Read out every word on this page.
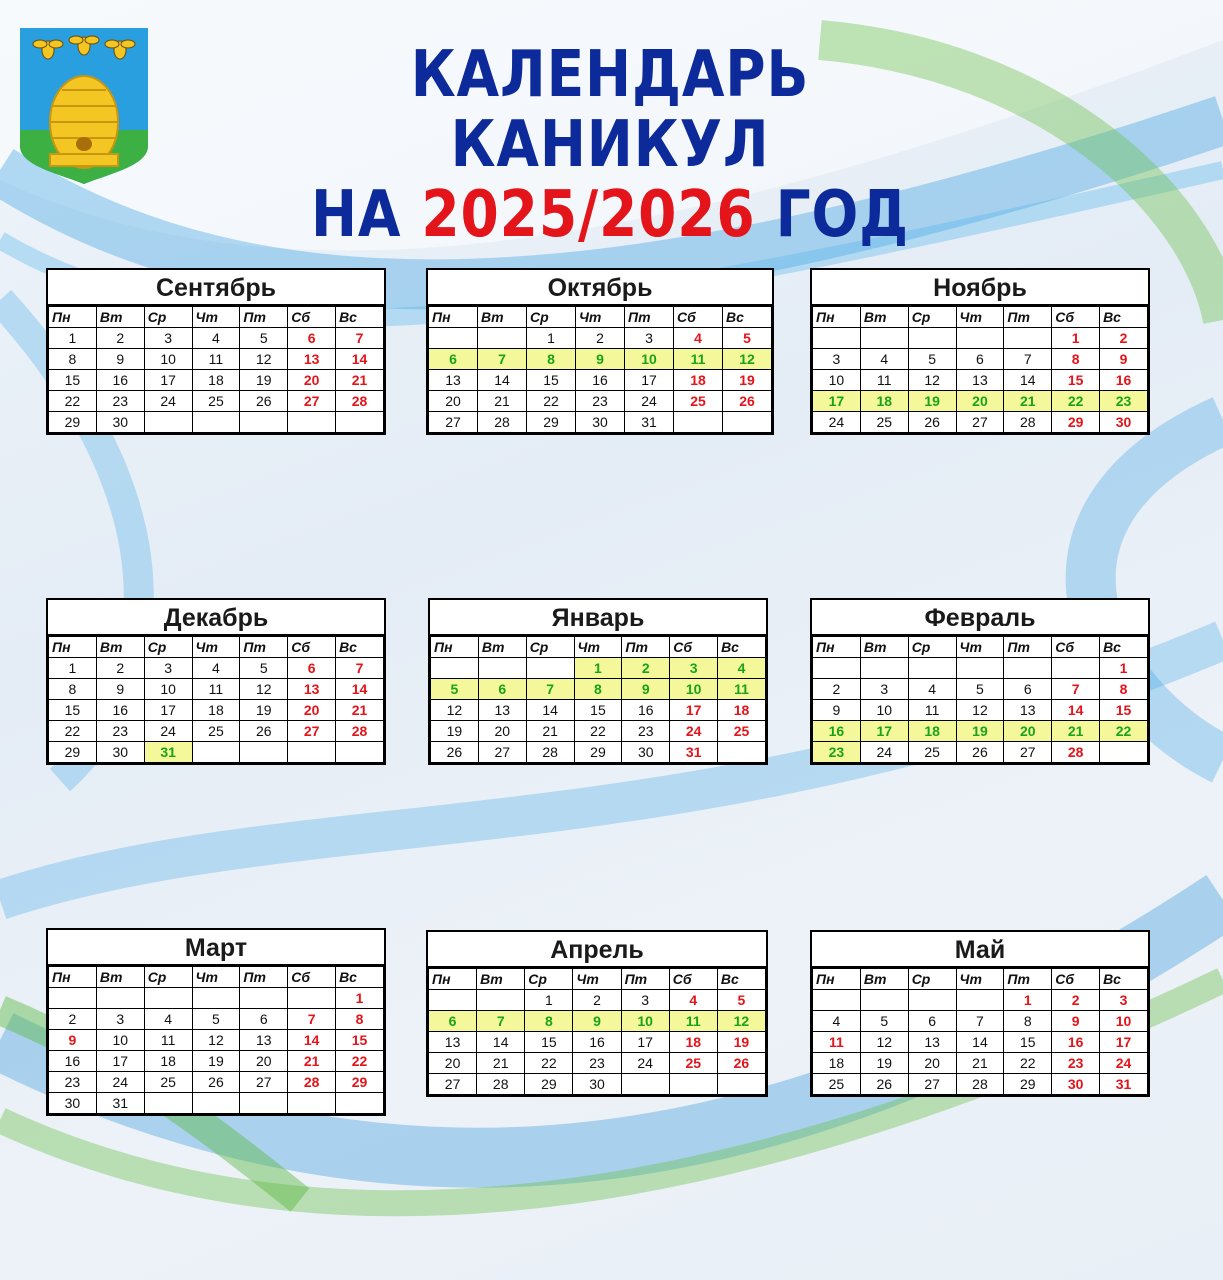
КАЛЕНДАРЬ КАНИКУЛ
НА 2025/2026 ГОД
Сентябрь
Пн	Вт	Ср	Чт	Пт	Сб	Вс
1	2	3	4	5	6	7
8	9	10	11	12	13	14
15	16	17	18	19	20	21
22	23	24	25	26	27	28
29	30					
Октябрь
Пн	Вт	Ср	Чт	Пт	Сб	Вс
		1	2	3	4	5
6	7	8	9	10	11	12
13	14	15	16	17	18	19
20	21	22	23	24	25	26
27	28	29	30	31		
Ноябрь
Пн	Вт	Ср	Чт	Пт	Сб	Вс
					1	2
3	4	5	6	7	8	9
10	11	12	13	14	15	16
17	18	19	20	21	22	23
24	25	26	27	28	29	30
Декабрь
Пн	Вт	Ср	Чт	Пт	Сб	Вс
1	2	3	4	5	6	7
8	9	10	11	12	13	14
15	16	17	18	19	20	21
22	23	24	25	26	27	28
29	30	31				
Январь
Пн	Вт	Ср	Чт	Пт	Сб	Вс
			1	2	3	4
5	6	7	8	9	10	11
12	13	14	15	16	17	18
19	20	21	22	23	24	25
26	27	28	29	30	31	
Февраль
Пн	Вт	Ср	Чт	Пт	Сб	Вс
						1
2	3	4	5	6	7	8
9	10	11	12	13	14	15
16	17	18	19	20	21	22
23	24	25	26	27	28	
Март
Пн	Вт	Ср	Чт	Пт	Сб	Вс
						1
2	3	4	5	6	7	8
9	10	11	12	13	14	15
16	17	18	19	20	21	22
23	24	25	26	27	28	29
30	31					
Апрель
Пн	Вт	Ср	Чт	Пт	Сб	Вс
		1	2	3	4	5
6	7	8	9	10	11	12
13	14	15	16	17	18	19
20	21	22	23	24	25	26
27	28	29	30			
Май
Пн	Вт	Ср	Чт	Пт	Сб	Вс
				1	2	3
4	5	6	7	8	9	10
11	12	13	14	15	16	17
18	19	20	21	22	23	24
25	26	27	28	29	30	31
